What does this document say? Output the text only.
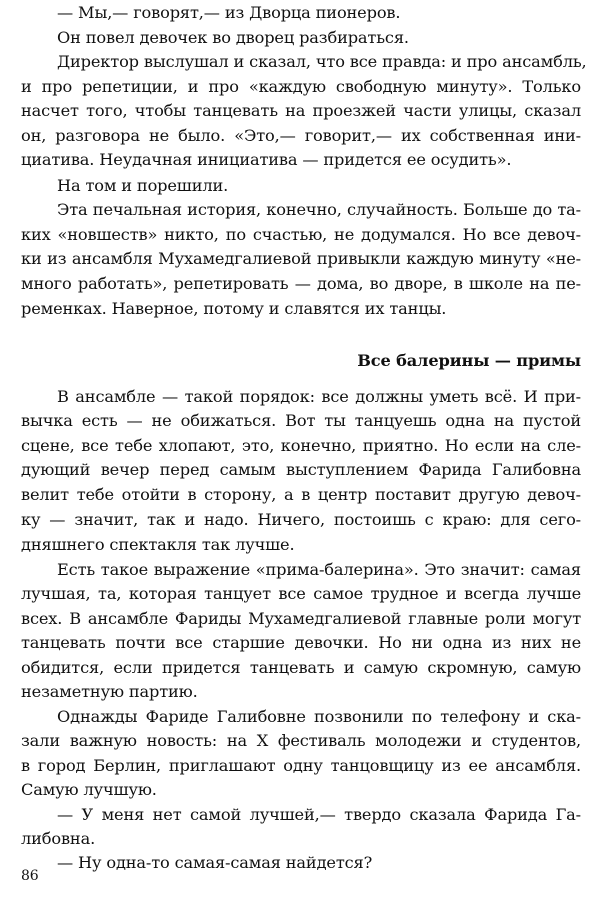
— Мы,— говорят,— из Дворца пионеров.
Он повел девочек во дворец разбираться.
Директор выслушал и сказал, что все правда: и про ансамбль,
и про репетиции, и про «каждую свободную минуту». Только
насчет того, чтобы танцевать на проезжей части улицы, сказал
он, разговора не было. «Это,— говорит,— их собственная ини-
циатива. Неудачная инициатива — придется ее осудить».
На том и порешили.
Эта печальная история, конечно, случайность. Больше до та-
ких «новшеств» никто, по счастью, не додумался. Но все девоч-
ки из ансамбля Мухамедгалиевой привыкли каждую минуту «не-
много работать», репетировать — дома, во дворе, в школе на пе-
ременках. Наверное, потому и славятся их танцы.
Все балерины — примы
В ансамбле — такой порядок: все должны уметь всё. И при-
вычка есть — не обижаться. Вот ты танцуешь одна на пустой
сцене, все тебе хлопают, это, конечно, приятно. Но если на сле-
дующий вечер перед самым выступлением Фарида Галибовна
велит тебе отойти в сторону, а в центр поставит другую девоч-
ку — значит, так и надо. Ничего, постоишь с краю: для сего-
дняшнего спектакля так лучше.
Есть такое выражение «прима-балерина». Это значит: самая
лучшая, та, которая танцует все самое трудное и всегда лучше
всех. В ансамбле Фариды Мухамедгалиевой главные роли могут
танцевать почти все старшие девочки. Но ни одна из них не
обидится, если придется танцевать и самую скромную, самую
незаметную партию.
Однажды Фариде Галибовне позвонили по телефону и ска-
зали важную новость: на X фестиваль молодежи и студентов,
в город Берлин, приглашают одну танцовщицу из ее ансамбля.
Самую лучшую.
— У меня нет самой лучшей,— твердо сказала Фарида Га-
либовна.
— Ну одна-то самая-самая найдется?
86
